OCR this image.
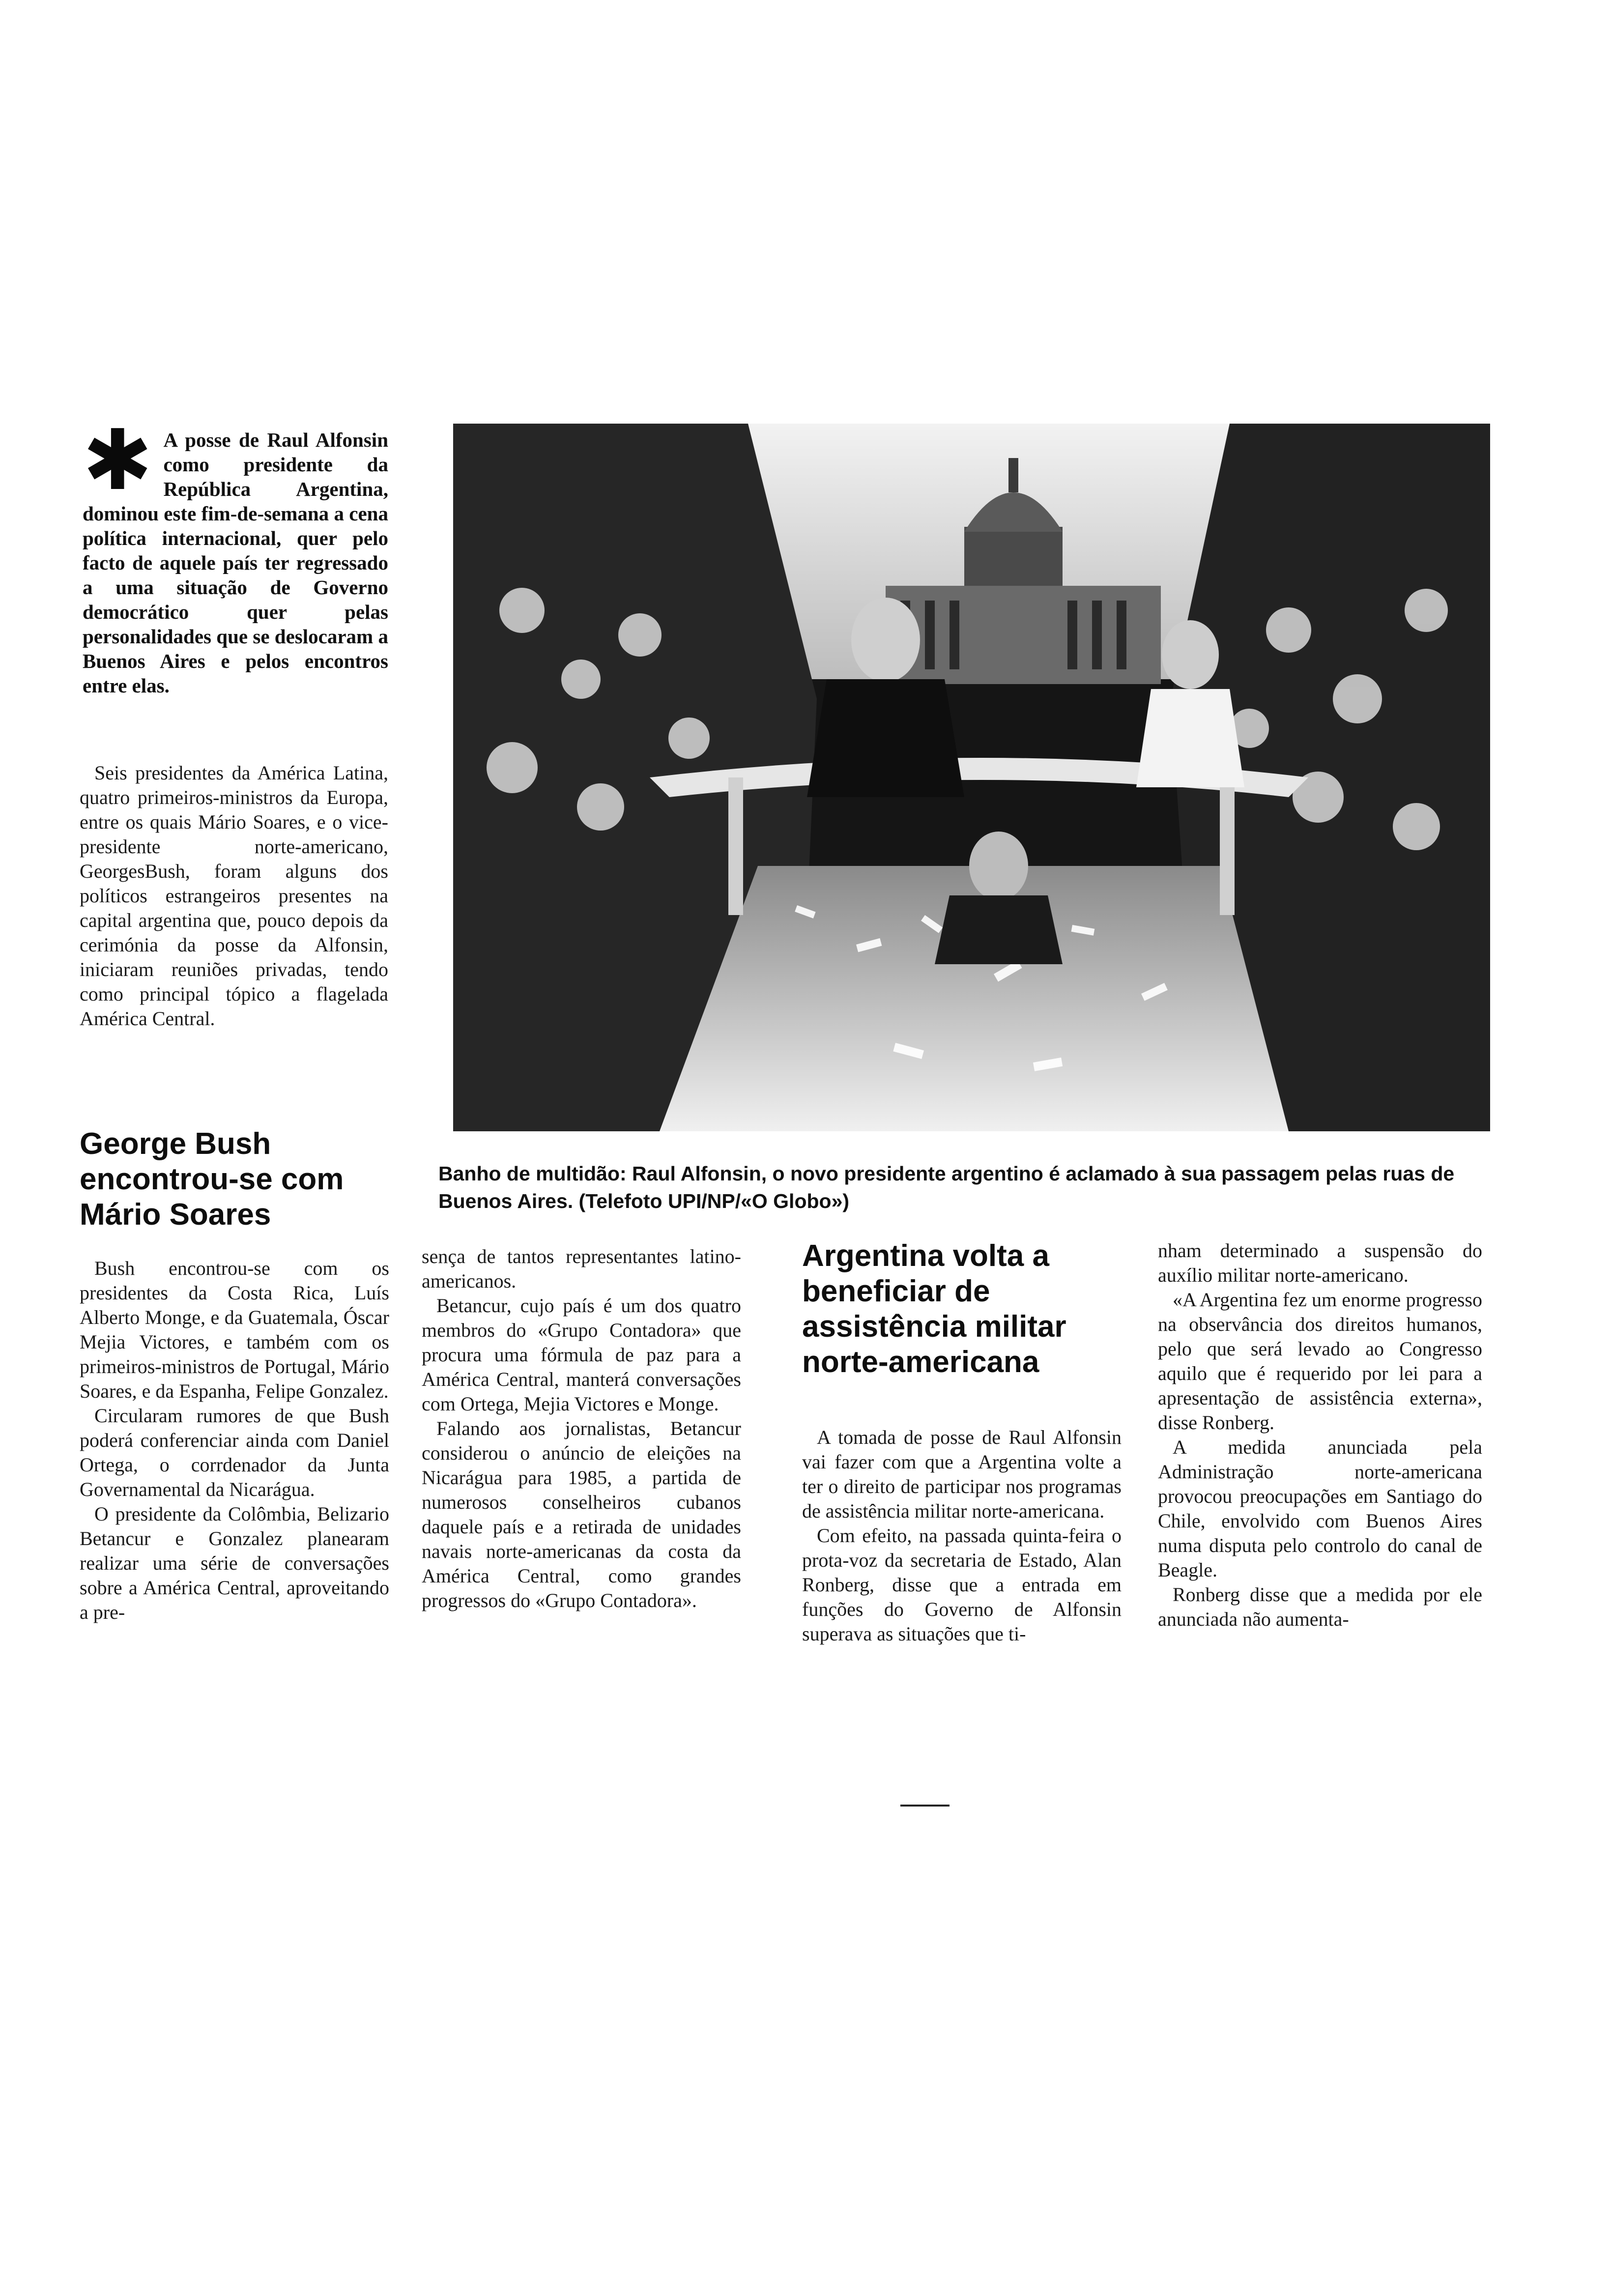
✱ A posse de Raul Alfonsin como presidente da República Argentina, dominou este fim-de-semana a cena política internacional, quer pelo facto de aquele país ter regressado a uma situação de Governo democrático quer pelas personalidades que se deslocaram a Buenos Aires e pelos encontros entre elas.

Seis presidentes da América Latina, quatro primeiros-ministros da Europa, entre os quais Mário Soares, e o vice-presidente norte-americano, GeorgesBush, foram alguns dos políticos estrangeiros presentes na capital argentina que, pouco depois da cerimónia da posse da Alfonsin, iniciaram reuniões privadas, tendo como principal tópico a flagelada América Central.

George Bush encontrou-se com Mário Soares

Bush encontrou-se com os presidentes da Costa Rica, Luís Alberto Monge, e da Guatemala, Óscar Mejia Victores, e também com os primeiros-ministros de Portugal, Mário Soares, e da Espanha, Felipe Gonzalez.

Circularam rumores de que Bush poderá conferenciar ainda com Daniel Ortega, o corrdenador da Junta Governamental da Nicarágua.

O presidente da Colômbia, Belizario Betancur e Gonzalez planearam realizar uma série de conversações sobre a América Central, aproveitando a pre-

Banho de multidão: Raul Alfonsin, o novo presidente argentino é aclamado à sua passagem pelas ruas de Buenos Aires. (Telefoto UPI/NP/«O Globo»)

sença de tantos representantes latino-americanos.

Betancur, cujo país é um dos quatro membros do «Grupo Contadora» que procura uma fórmula de paz para a América Central, manterá conversações com Ortega, Mejia Victores e Monge.

Falando aos jornalistas, Betancur considerou o anúncio de eleições na Nicarágua para 1985, a partida de numerosos conselheiros cubanos daquele país e a retirada de unidades navais norte-americanas da costa da América Central, como grandes progressos do «Grupo Contadora».

Argentina volta a beneficiar de assistência militar norte-americana

A tomada de posse de Raul Alfonsin vai fazer com que a Argentina volte a ter o direito de participar nos programas de assistência militar norte-americana.

Com efeito, na passada quinta-feira o prota-voz da secretaria de Estado, Alan Ronberg, disse que a entrada em funções do Governo de Alfonsin superava as situações que ti-

nham determinado a suspensão do auxílio militar norte-americano.

«A Argentina fez um enorme progresso na observância dos direitos humanos, pelo que será levado ao Congresso aquilo que é requerido por lei para a apresentação de assistência externa», disse Ronberg.

A medida anunciada pela Administração norte-americana provocou preocupações em Santiago do Chile, envolvido com Buenos Aires numa disputa pelo controlo do canal de Beagle.

Ronberg disse que a medida por ele anunciada não aumenta-
